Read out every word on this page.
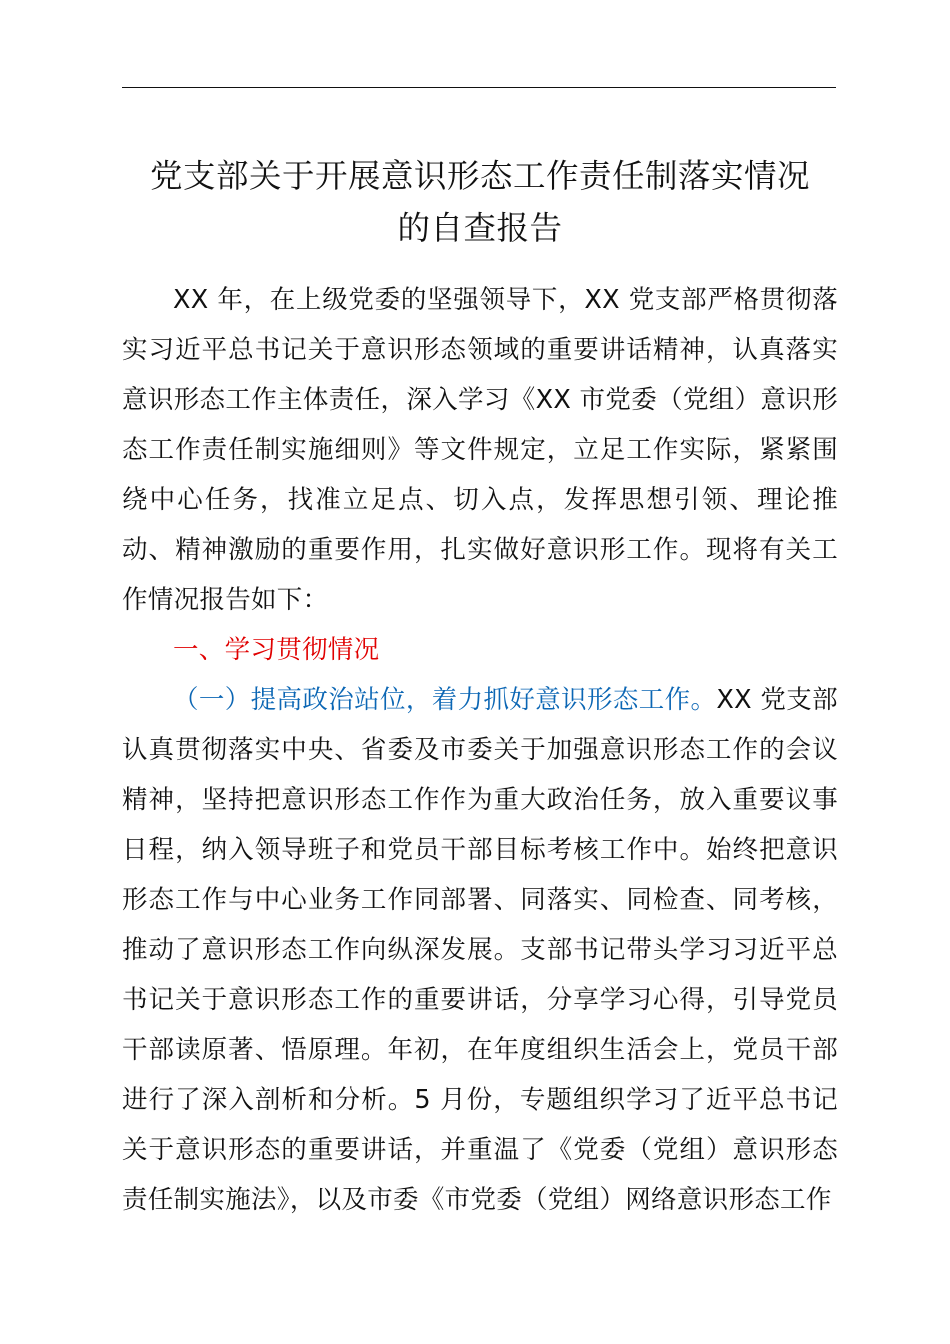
党支部关于开展意识形态工作责任制落实情况
的自查报告

XX 年，在上级党委的坚强领导下，XX 党支部严格贯彻落实习近平总书记关于意识形态领域的重要讲话精神，认真落实意识形态工作主体责任，深入学习《XX 市党委（党组）意识形态工作责任制实施细则》等文件规定，立足工作实际，紧紧围绕中心任务，找准立足点、切入点，发挥思想引领、理论推动、精神激励的重要作用，扎实做好意识形工作。现将有关工作情况报告如下：

一、学习贯彻情况

（一）提高政治站位，着力抓好意识形态工作。XX 党支部认真贯彻落实中央、省委及市委关于加强意识形态工作的会议精神，坚持把意识形态工作作为重大政治任务，放入重要议事日程，纳入领导班子和党员干部目标考核工作中。始终把意识形态工作与中心业务工作同部署、同落实、同检查、同考核，推动了意识形态工作向纵深发展。支部书记带头学习习近平总书记关于意识形态工作的重要讲话，分享学习心得，引导党员干部读原著、悟原理。年初，在年度组织生活会上，党员干部进行了深入剖析和分析。5 月份，专题组织学习了近平总书记关于意识形态的重要讲话，并重温了《党委（党组）意识形态责任制实施法》，以及市委《市党委（党组）网络意识形态工作
